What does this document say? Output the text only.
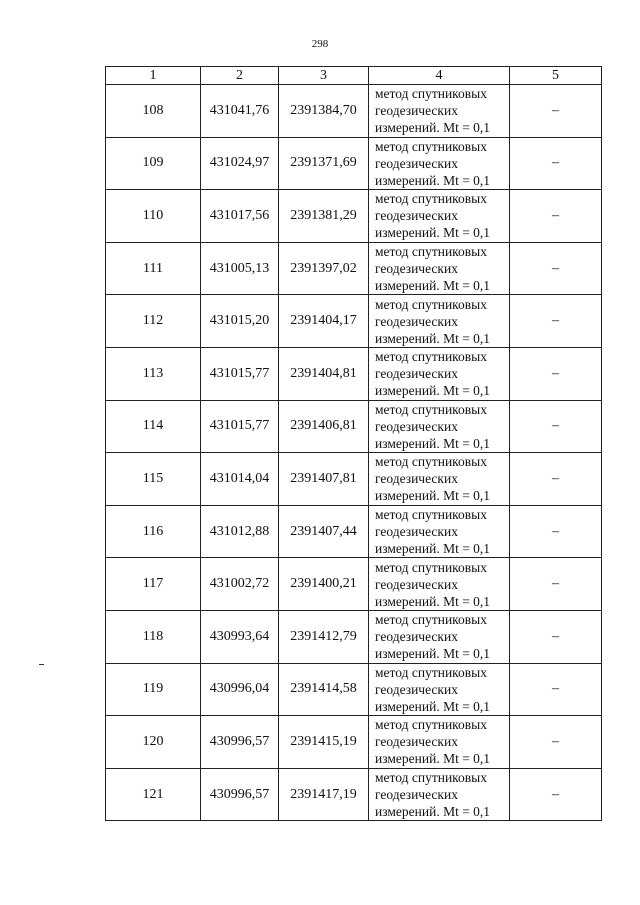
298
1	2	3	4	5
108	431041,76	2391384,70	метод спутниковых геодезических измерений. Mt = 0,1	–
109	431024,97	2391371,69	метод спутниковых геодезических измерений. Mt = 0,1	–
110	431017,56	2391381,29	метод спутниковых геодезических измерений. Mt = 0,1	–
111	431005,13	2391397,02	метод спутниковых геодезических измерений. Mt = 0,1	–
112	431015,20	2391404,17	метод спутниковых геодезических измерений. Mt = 0,1	–
113	431015,77	2391404,81	метод спутниковых геодезических измерений. Mt = 0,1	–
114	431015,77	2391406,81	метод спутниковых геодезических измерений. Mt = 0,1	–
115	431014,04	2391407,81	метод спутниковых геодезических измерений. Mt = 0,1	–
116	431012,88	2391407,44	метод спутниковых геодезических измерений. Mt = 0,1	–
117	431002,72	2391400,21	метод спутниковых геодезических измерений. Mt = 0,1	–
118	430993,64	2391412,79	метод спутниковых геодезических измерений. Mt = 0,1	–
119	430996,04	2391414,58	метод спутниковых геодезических измерений. Mt = 0,1	–
120	430996,57	2391415,19	метод спутниковых геодезических измерений. Mt = 0,1	–
121	430996,57	2391417,19	метод спутниковых геодезических измерений. Mt = 0,1	–
